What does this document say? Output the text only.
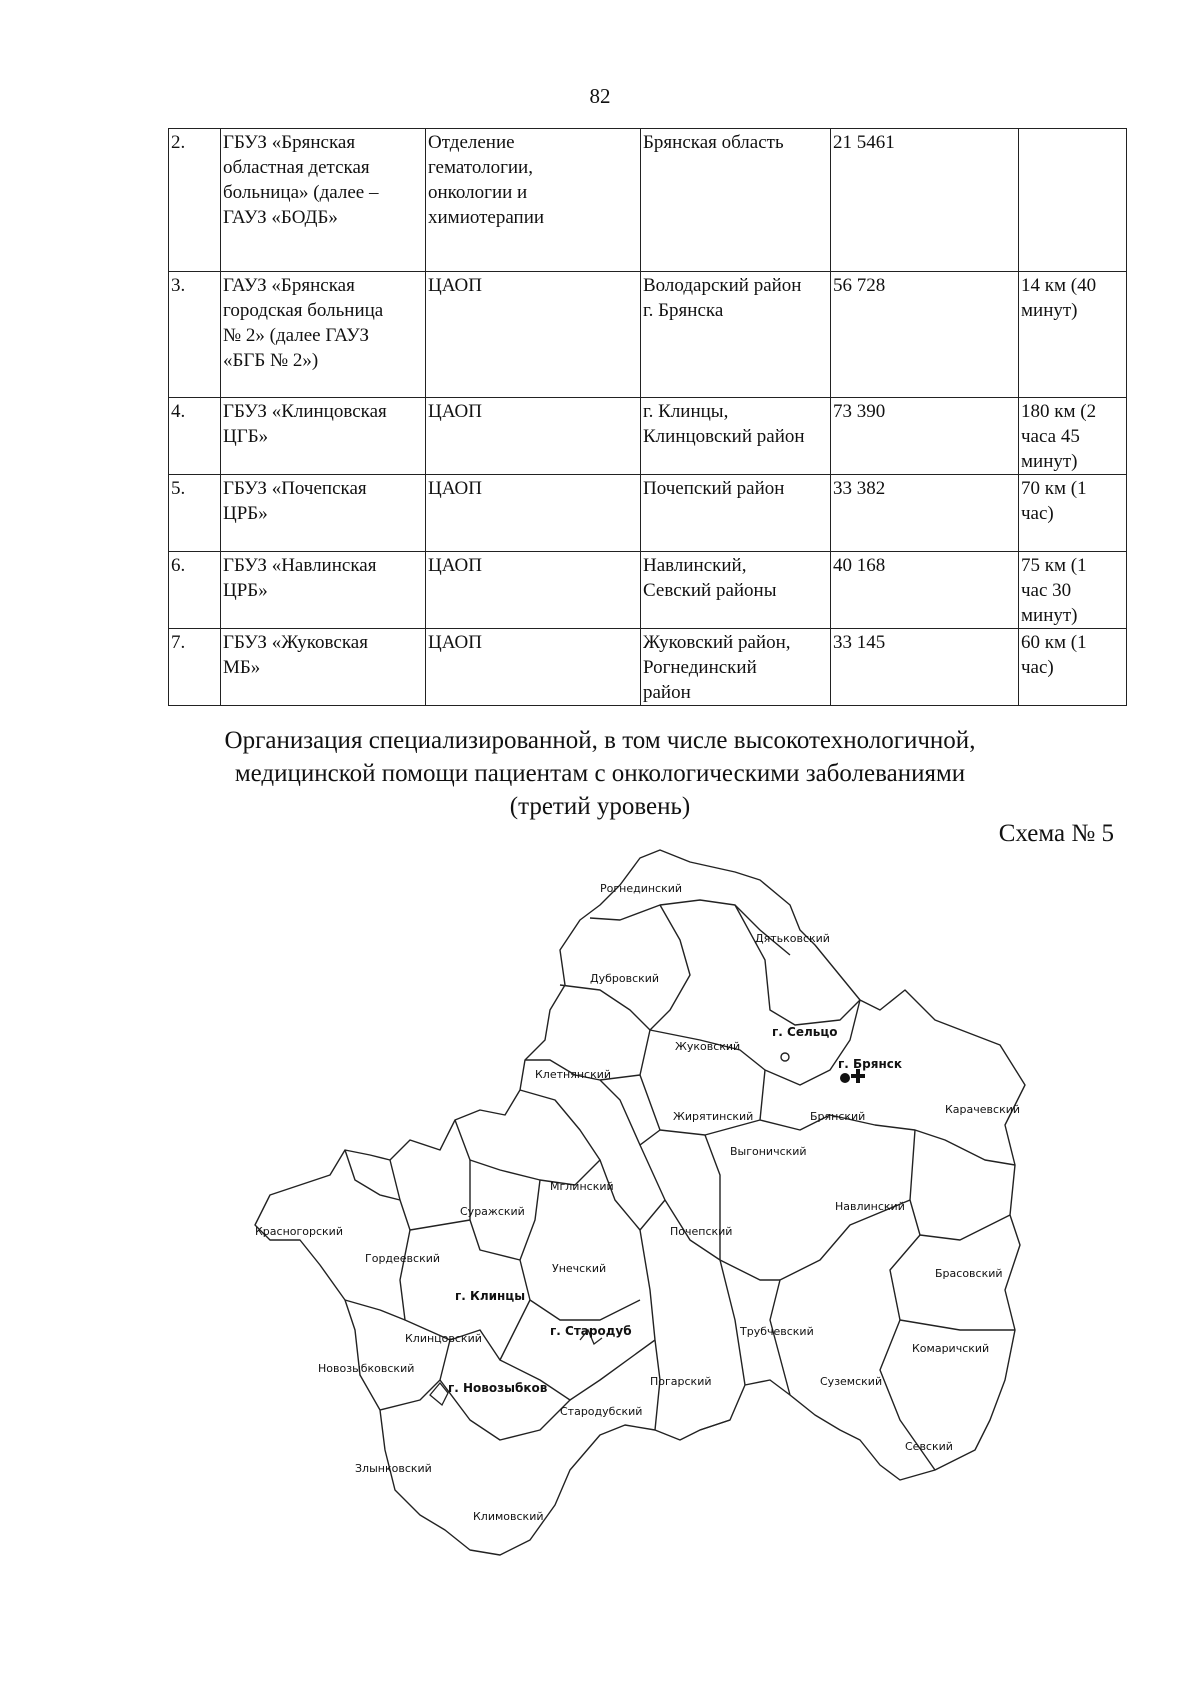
82
2.	ГБУЗ «Брянская
областная детская
больница» (далее –
ГАУЗ «БОДБ»	Отделение
гематологии,
онкологии и
химиотерапии	Брянская область	21 5461	
3.	ГАУЗ «Брянская
городская больница
№ 2» (далее ГАУЗ
«БГБ № 2»)	ЦАОП	Володарский район
г. Брянска	56 728	14 км (40
минут)
4.	ГБУЗ «Клинцовская
ЦГБ»	ЦАОП	г. Клинцы,
Клинцовский район	73 390	180 км (2
часа 45
минут)
5.	ГБУЗ «Почепская
ЦРБ»	ЦАОП	Почепский район	33 382	70 км (1
час)
6.	ГБУЗ «Навлинская
ЦРБ»	ЦАОП	Навлинский,
Севский районы	40 168	75 км (1
час 30
минут)
7.	ГБУЗ «Жуковская
МБ»	ЦАОП	Жуковский район,
Рогнединский
район	33 145	60 км (1
час)
Организация специализированной, в том числе высокотехнологичной,
медицинской помощи пациентам с онкологическими заболеваниями
(третий уровень)
Схема № 5
Рогнединский
Дятьковский
Дубровский
Жуковский
г. Сельцо
г. Брянск
Клетнянский
Карачевский
Жирятинский	Брянский
Выгоничский
Мглинский
Суражский
Красногорский	Почепский
Навлинский
Гордеевский
Унечский	Брасовский
г. Клинцы
г. Стародуб	Трубчевский
Клинцовский
Комаричский
Новозыбковский
г. Новозыбков	Погарский	Суземский
Стародубский
Севский
Злынковский
Климовский
